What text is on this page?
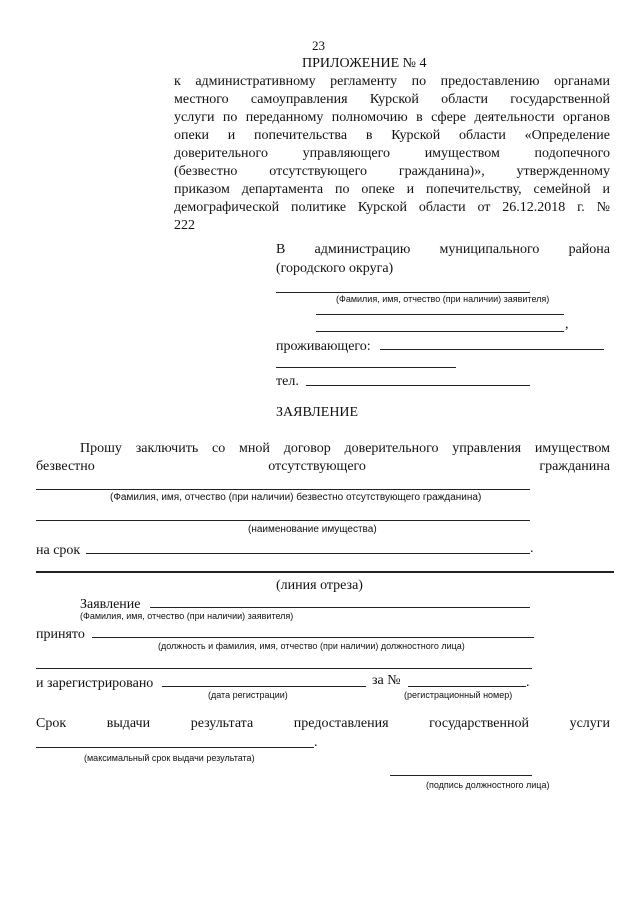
23
ПРИЛОЖЕНИЕ № 4
к административному регламенту по предоставлению органами
местного самоуправления Курской области государственной
услуги по переданному полномочию в сфере деятельности органов
опеки и попечительства в Курской области «Определение
доверительного управляющего имуществом подопечного
(безвестно отсутствующего гражданина)», утвержденному
приказом департамента по опеке и попечительству, семейной и
демографической политике Курской области от 26.12.2018 г. №
222
В администрацию муниципального района
(городского округа)
(Фамилия, имя, отчество (при наличии) заявителя)
,
проживающего:
тел.
ЗАЯВЛЕНИЕ
Прошу заключить со мной договор доверительного управления имуществом
безвестно	отсутствующего	гражданина
(Фамилия, имя, отчество (при наличии) безвестно отсутствующего гражданина)
(наименование имущества)
на срок	.
(линия отреза)
Заявление
(Фамилия, имя, отчество (при наличии) заявителя)
принято
(должность и фамилия, имя, отчество (при наличии) должностного лица)
и зарегистрировано	за №	.
(дата регистрации)	(регистрационный номер)
Срок	выдачи	результата	предоставления	государственной	услуги
.
(максимальный срок выдачи результата)
(подпись должностного лица)
